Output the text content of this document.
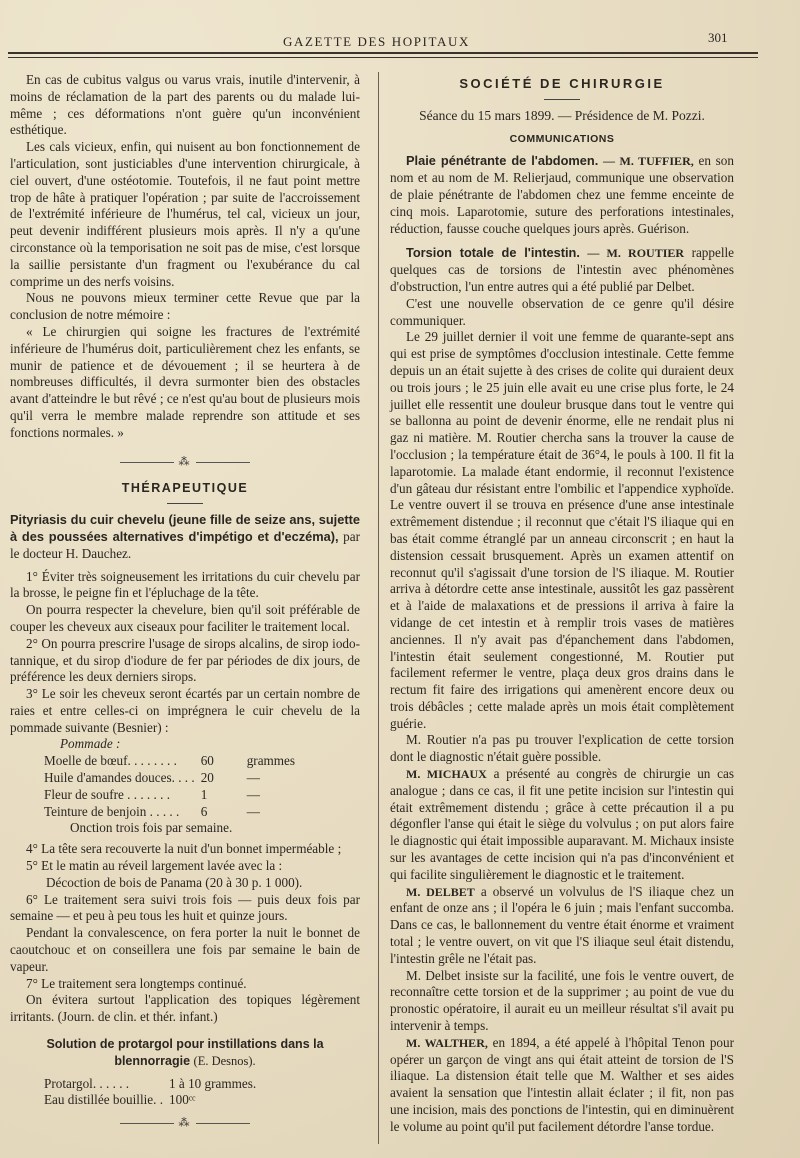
GAZETTE DES HOPITAUX	301

En cas de cubitus valgus ou varus vrais, inutile d'intervenir, à moins de réclamation de la part des parents ou du malade lui-même ; ces déformations n'ont guère qu'un inconvénient esthétique.

Les cals vicieux, enfin, qui nuisent au bon fonctionnement de l'articulation, sont justiciables d'une intervention chirurgicale, à ciel ouvert, d'une ostéotomie. Toutefois, il ne faut point mettre trop de hâte à pratiquer l'opération ; par suite de l'accroissement de l'extrémité inférieure de l'humérus, tel cal, vicieux un jour, peut devenir indifférent plusieurs mois après. Il n'y a qu'une circonstance où la temporisation ne soit pas de mise, c'est lorsque la saillie persistante d'un fragment ou l'exubérance du cal comprime un des nerfs voisins.

Nous ne pouvons mieux terminer cette Revue que par la conclusion de notre mémoire :

« Le chirurgien qui soigne les fractures de l'extrémité inférieure de l'humérus doit, particulièrement chez les enfants, se munir de patience et de dévouement ; il se heurtera à de nombreuses difficultés, il devra surmonter bien des obstacles avant d'atteindre le but rêvé ; ce n'est qu'au bout de plusieurs mois qu'il verra le membre malade reprendre son attitude et ses fonctions normales. »

⁂
THÉRAPEUTIQUE

Pityriasis du cuir chevelu (jeune fille de seize ans, sujette à des poussées alternatives d'impétigo et d'eczéma), par le docteur H. Dauchez.

1° Éviter très soigneusement les irritations du cuir chevelu par la brosse, le peigne fin et l'épluchage de la tête.

On pourra respecter la chevelure, bien qu'il soit préférable de couper les cheveux aux ciseaux pour faciliter le traitement local.

2° On pourra prescrire l'usage de sirops alcalins, de sirop iodo-tannique, et du sirop d'iodure de fer par périodes de dix jours, de préférence les deux derniers sirops.

3° Le soir les cheveux seront écartés par un certain nombre de raies et entre celles-ci on imprégnera le cuir chevelu de la pommade suivante (Besnier) :

Pommade :

Moelle de bœuf. . . . . . . .	60	grammes
Huile d'amandes douces. . . .	20	—
Fleur de soufre . . . . . . .	1	—
Teinture de benjoin . . . . .	6	—

Onction trois fois par semaine.

4° La tête sera recouverte la nuit d'un bonnet imperméable ;

5° Et le matin au réveil largement lavée avec la :

Décoction de bois de Panama (20 à 30 p. 1 000).

6° Le traitement sera suivi trois fois — puis deux fois par semaine — et peu à peu tous les huit et quinze jours.

Pendant la convalescence, on fera porter la nuit le bonnet de caoutchouc et on conseillera une fois par semaine le bain de vapeur.

7° Le traitement sera longtemps continué.

On évitera surtout l'application des topiques légèrement irritants. (Journ. de clin. et thér. infant.)

Solution de protargol pour instillations dans la blennorragie (E. Desnos).
Protargol. . . . . .	1 à 10 grammes.
Eau distillée bouillie. .	100ᶜᶜ
⁂
SOCIÉTÉ DE CHIRURGIE
Séance du 15 mars 1899. — Présidence de M. Pozzi.
COMMUNICATIONS

Plaie pénétrante de l'abdomen. — M. TUFFIER, en son nom et au nom de M. Relierjaud, communique une observation de plaie pénétrante de l'abdomen chez une femme enceinte de cinq mois. Laparotomie, suture des perforations intestinales, réduction, fausse couche quelques jours après. Guérison.

Torsion totale de l'intestin. — M. ROUTIER rappelle quelques cas de torsions de l'intestin avec phénomènes d'obstruction, l'un entre autres qui a été publié par Delbet.

C'est une nouvelle observation de ce genre qu'il désire communiquer.

Le 29 juillet dernier il voit une femme de quarante-sept ans qui est prise de symptômes d'occlusion intestinale. Cette femme depuis un an était sujette à des crises de colite qui duraient deux ou trois jours ; le 25 juin elle avait eu une crise plus forte, le 24 juillet elle ressentit une douleur brusque dans tout le ventre qui se ballonna au point de devenir énorme, elle ne rendait plus ni gaz ni matière. M. Routier chercha sans la trouver la cause de l'occlusion ; la température était de 36°4, le pouls à 100. Il fit la laparotomie. La malade étant endormie, il reconnut l'existence d'un gâteau dur résistant entre l'ombilic et l'appendice xyphoïde. Le ventre ouvert il se trouva en présence d'une anse intestinale extrêmement distendue ; il reconnut que c'était l'S iliaque qui en bas était comme étranglé par un anneau circonscrit ; en haut la distension cessait brusquement. Après un examen attentif on reconnut qu'il s'agissait d'une torsion de l'S iliaque. M. Routier arriva à détordre cette anse intestinale, aussitôt les gaz passèrent et à l'aide de malaxations et de pressions il arriva à faire la vidange de cet intestin et à remplir trois vases de matières anciennes. Il n'y avait pas d'épanchement dans l'abdomen, l'intestin était seulement congestionné, M. Routier put facilement refermer le ventre, plaça deux gros drains dans le rectum fit faire des irrigations qui amenèrent encore deux ou trois débâcles ; cette malade après un mois était complètement guérie.

M. Routier n'a pas pu trouver l'explication de cette torsion dont le diagnostic n'était guère possible.

M. MICHAUX a présenté au congrès de chirurgie un cas analogue ; dans ce cas, il fit une petite incision sur l'intestin qui était extrêmement distendu ; grâce à cette précaution il a pu dégonfler l'anse qui était le siège du volvulus ; on put alors faire le diagnostic qui était impossible auparavant. M. Michaux insiste sur les avantages de cette incision qui n'a pas d'inconvénient et qui facilite singulièrement le diagnostic et le traitement.

M. DELBET a observé un volvulus de l'S iliaque chez un enfant de onze ans ; il l'opéra le 6 juin ; mais l'enfant succomba. Dans ce cas, le ballonnement du ventre était énorme et vraiment total ; le ventre ouvert, on vit que l'S iliaque seul était distendu, l'intestin grêle ne l'était pas.

M. Delbet insiste sur la facilité, une fois le ventre ouvert, de reconnaître cette torsion et de la supprimer ; au point de vue du pronostic opératoire, il aurait eu un meilleur résultat s'il avait pu intervenir à temps.

M. WALTHER, en 1894, a été appelé à l'hôpital Tenon pour opérer un garçon de vingt ans qui était atteint de torsion de l'S iliaque. La distension était telle que M. Walther et ses aides avaient la sensation que l'intestin allait éclater ; il fit, non pas une incision, mais des ponctions de l'intestin, qui en diminuèrent le volume au point qu'il put facilement détordre l'anse tordue.
